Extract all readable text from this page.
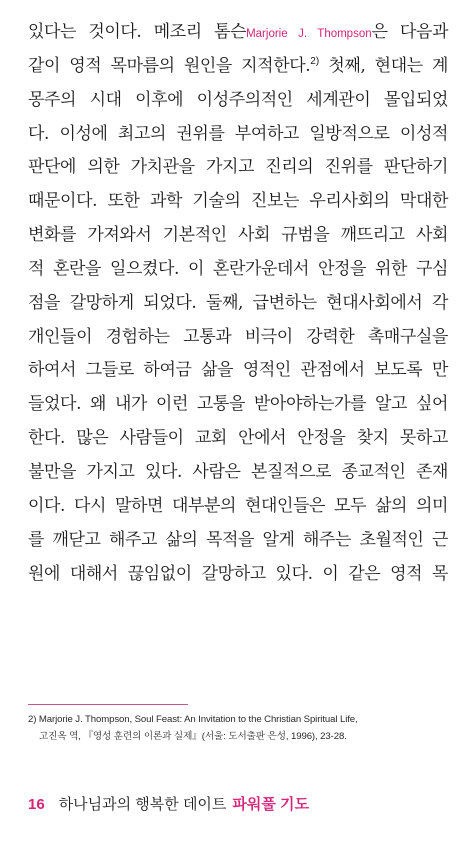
있다는 것이다. 메조리 톰슨Marjorie J. Thompson은 다음과
같이 영적 목마름의 원인을 지적한다.$^{2)}$ 첫째, 현대는 계
몽주의 시대 이후에 이성주의적인 세계관이 몰입되었
다. 이성에 최고의 권위를 부여하고 일방적으로 이성적
판단에 의한 가치관을 가지고 진리의 진위를 판단하기
때문이다. 또한 과학 기술의 진보는 우리사회의 막대한
변화를 가져와서 기본적인 사회 규범을 깨뜨리고 사회
적 혼란을 일으켰다. 이 혼란가운데서 안정을 위한 구심
점을 갈망하게 되었다. 둘째, 급변하는 현대사회에서 각
개인들이 경험하는 고통과 비극이 강력한 촉매구실을
하여서 그들로 하여금 삶을 영적인 관점에서 보도록 만
들었다. 왜 내가 이런 고통을 받아야하는가를 알고 싶어
한다. 많은 사람들이 교회 안에서 안정을 찾지 못하고
불만을 가지고 있다. 사람은 본질적으로 종교적인 존재
이다. 다시 말하면 대부분의 현대인들은 모두 삶의 의미
를 깨닫고 해주고 삶의 목적을 알게 해주는 초월적인 근
원에 대해서 끊임없이 갈망하고 있다. 이 같은 영적 목
2) Marjorie J. Thompson, Soul Feast: An Invitation to the Christian Spiritual Life,
고진옥 역, 『영성 훈련의 이론과 실제』(서울: 도서출판 은성, 1996), 23-28.
16 하나님과의 행복한 데이트 파워풀 기도
